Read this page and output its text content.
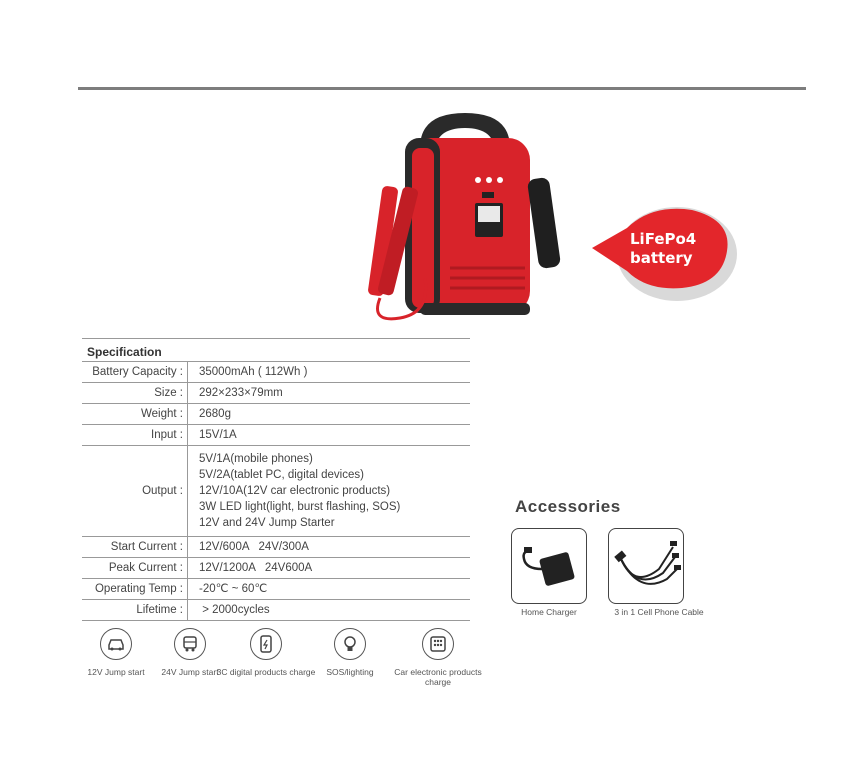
LiFePo4
battery
Specification
Battery Capacity :	35000mAh ( 112Wh )
Size :	292×233×79mm
Weight :	2680g
Input :	15V/1A
Output :
5V/1A(mobile phones)
5V/2A(tablet PC, digital devices)
12V/10A(12V car electronic products)
3W LED light(light, burst flashing, SOS)
12V and 24V Jump Starter
Start Current :	12V/600A   24V/300A
Peak Current :	12V/1200A   24V600A
Operating Temp :	-20℃ ~ 60℃
Lifetime :	> 2000cycles
12V Jump start	24V Jump start
3C digital products charge	SOS/lighting	Car electronic products charge
Accessories
Home Charger	3 in 1 Cell Phone Cable
